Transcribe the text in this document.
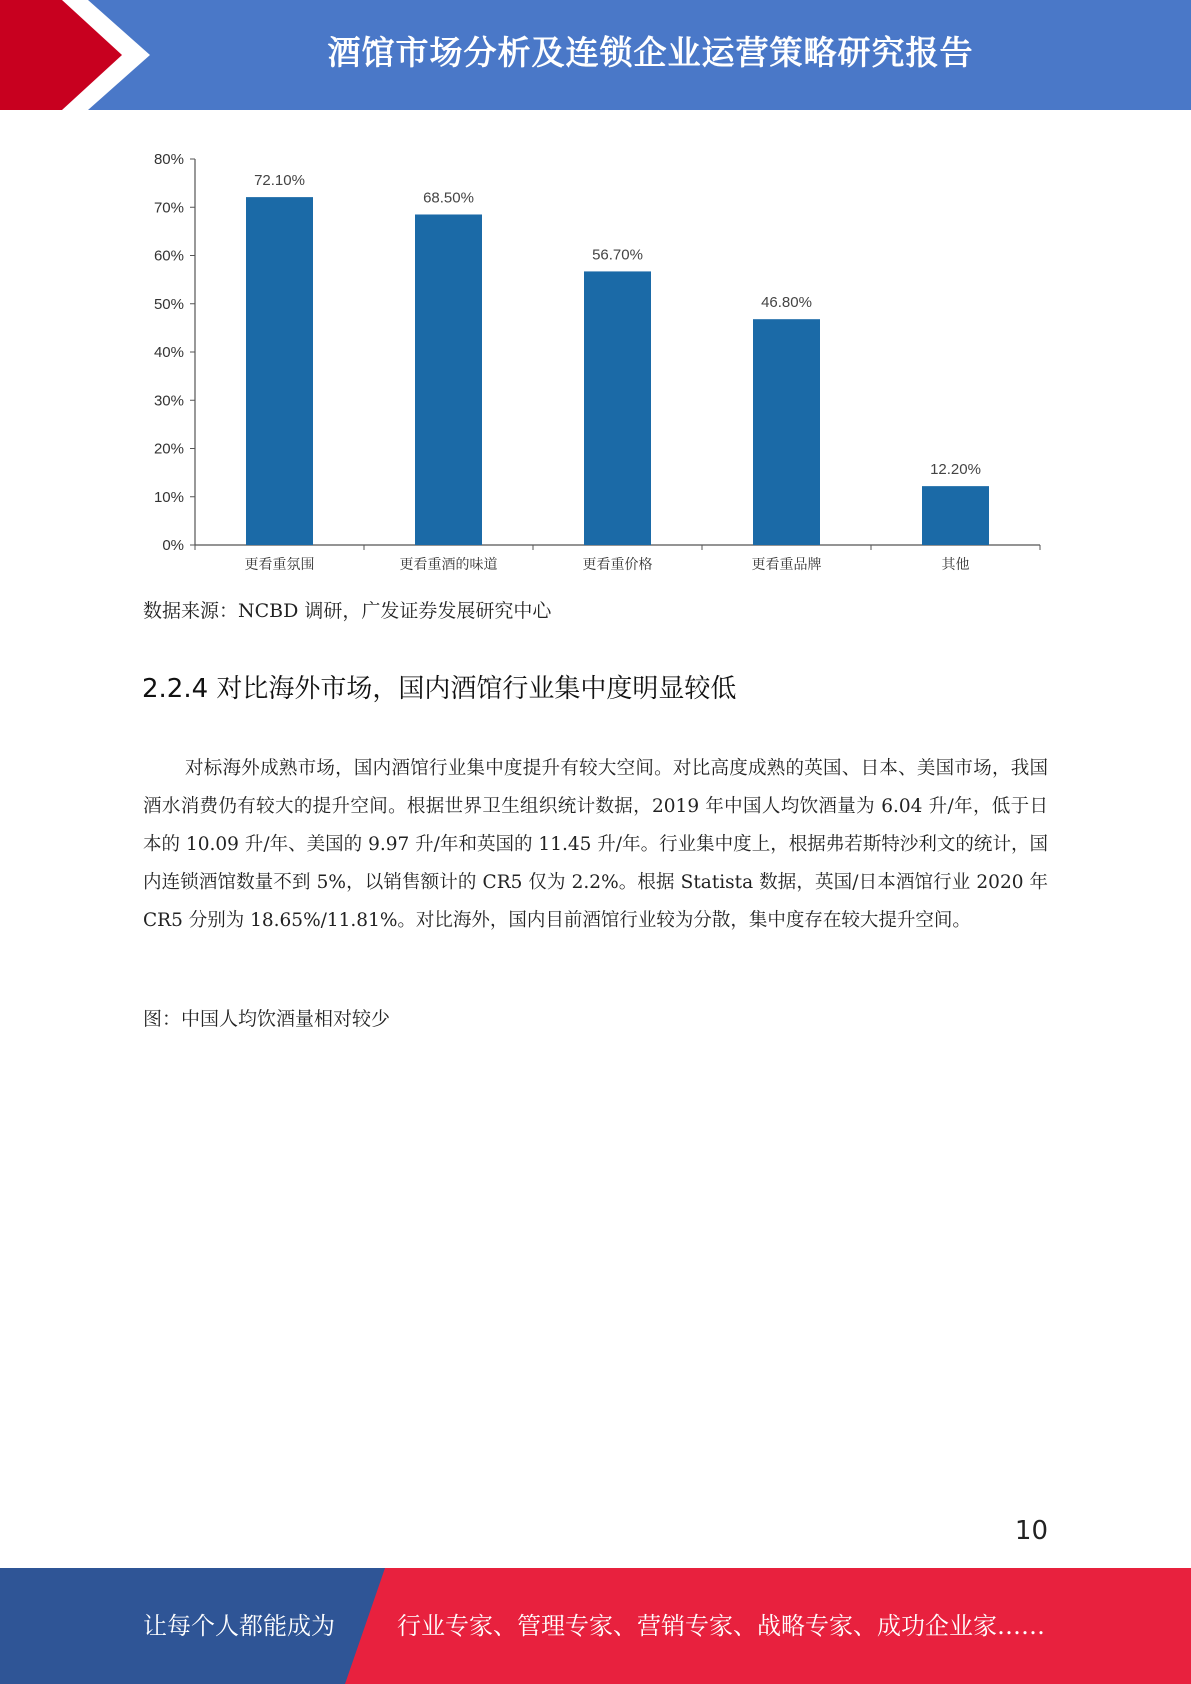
酒馆市场分析及连锁企业运营策略研究报告
0%
10%
20%
30%
40%
50%
60%
70%
80%
72.10%
更看重氛围
68.50%
更看重酒的味道
56.70%
更看重价格
46.80%
更看重品牌
12.20%
其他
数据来源：NCBD 调研，广发证券发展研究中心
2.2.4 对比海外市场，国内酒馆行业集中度明显较低

对标海外成熟市场，国内酒馆行业集中度提升有较大空间。对比高度成熟的英国、日本、美国市场，我国酒水消费仍有较大的提升空间。根据世界卫生组织统计数据，2019 年中国人均饮酒量为 6.04 升/年，低于日本的 10.09 升/年、美国的 9.97 升/年和英国的 11.45 升/年。行业集中度上，根据弗若斯特沙利文的统计，国内连锁酒馆数量不到 5%，以销售额计的 CR5 仅为 2.2%。根据 Statista 数据，英国/日本酒馆行业 2020 年 CR5 分别为 18.65%/11.81%。对比海外，国内目前酒馆行业较为分散，集中度存在较大提升空间。

图：中国人均饮酒量相对较少
10
让每个人都能成为	行业专家、管理专家、营销专家、战略专家、成功企业家……
